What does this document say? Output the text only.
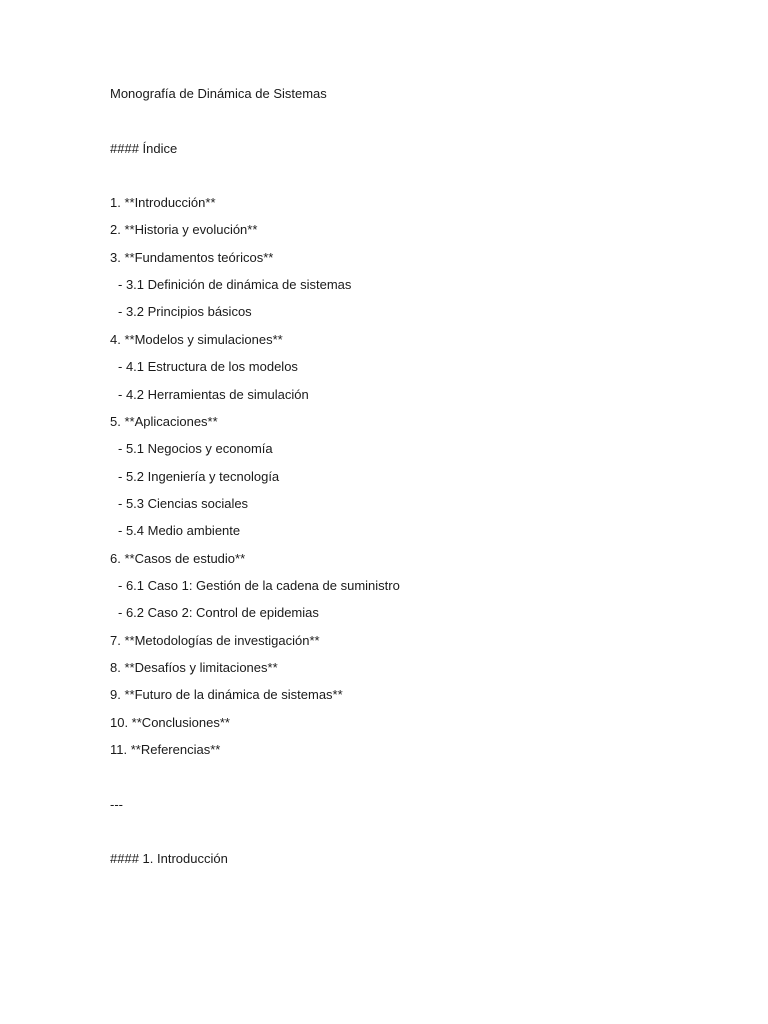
Monografía de Dinámica de Sistemas
#### Índice
1. **Introducción**
2. **Historia y evolución**
3. **Fundamentos teóricos**
- 3.1 Definición de dinámica de sistemas
- 3.2 Principios básicos
4. **Modelos y simulaciones**
- 4.1 Estructura de los modelos
- 4.2 Herramientas de simulación
5. **Aplicaciones**
- 5.1 Negocios y economía
- 5.2 Ingeniería y tecnología
- 5.3 Ciencias sociales
- 5.4 Medio ambiente
6. **Casos de estudio**
- 6.1 Caso 1: Gestión de la cadena de suministro
- 6.2 Caso 2: Control de epidemias
7. **Metodologías de investigación**
8. **Desafíos y limitaciones**
9. **Futuro de la dinámica de sistemas**
10. **Conclusiones**
11. **Referencias**
---
#### 1. Introducción
